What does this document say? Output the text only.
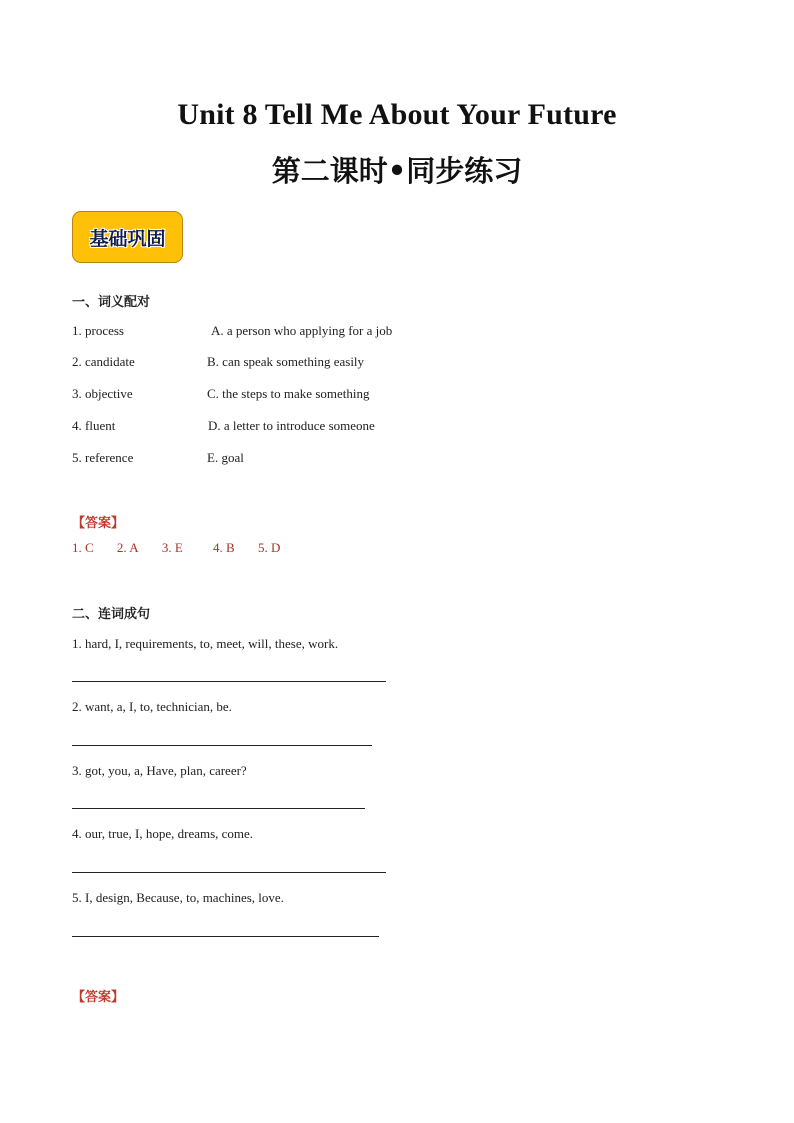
Unit 8 Tell Me About Your Future
第二课时•同步练习
基础巩固
一、词义配对
1. process
2. candidate
3. objective
4. fluent
5. reference
A. a person who applying for a job
B. can speak something easily
C. the steps to make something
D. a letter to introduce someone
E. goal
【答案】
1. C 2. A 3. E 4. B 5. D
二、连词成句
1. hard, I, requirements, to, meet, will, these, work.
2. want, a, I, to, technician, be.
3. got, you, a, Have, plan, career?
4. our, true, I, hope, dreams, come.
5. I, design, Because, to, machines, love.
【答案】
